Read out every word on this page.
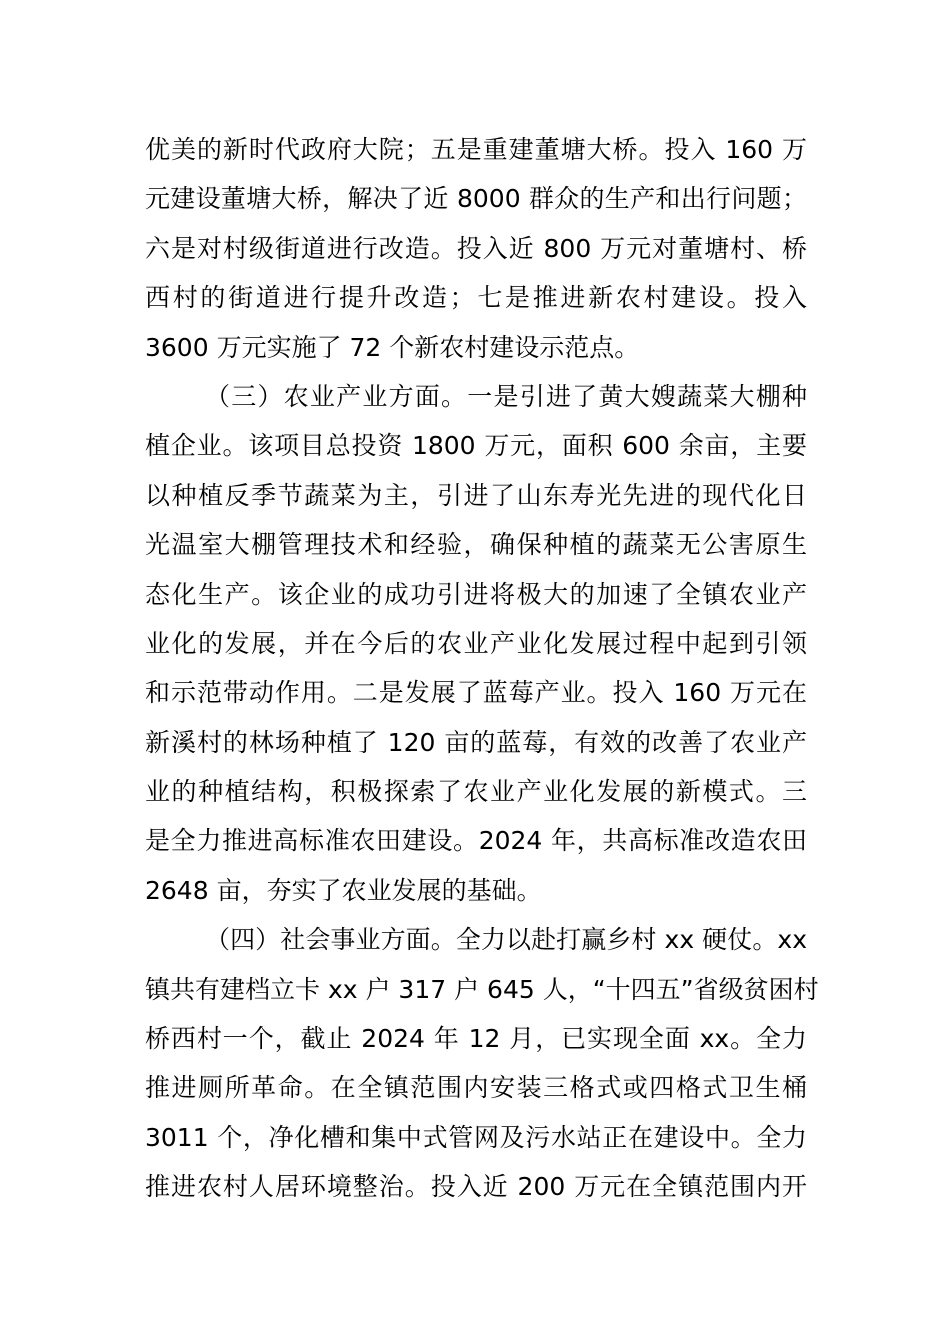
优美的新时代政府大院；五是重建董塘大桥。投入 160 万
元建设董塘大桥，解决了近 8000 群众的生产和出行问题；
六是对村级街道进行改造。投入近 800 万元对董塘村、桥
西村的街道进行提升改造；七是推进新农村建设。投入
3600 万元实施了 72 个新农村建设示范点。
（三）农业产业方面。一是引进了黄大嫂蔬菜大棚种
植企业。该项目总投资 1800 万元，面积 600 余亩，主要
以种植反季节蔬菜为主，引进了山东寿光先进的现代化日
光温室大棚管理技术和经验，确保种植的蔬菜无公害原生
态化生产。该企业的成功引进将极大的加速了全镇农业产
业化的发展，并在今后的农业产业化发展过程中起到引领
和示范带动作用。二是发展了蓝莓产业。投入 160 万元在
新溪村的林场种植了 120 亩的蓝莓，有效的改善了农业产
业的种植结构，积极探索了农业产业化发展的新模式。三
是全力推进高标准农田建设。2024 年，共高标准改造农田
2648 亩，夯实了农业发展的基础。
（四）社会事业方面。全力以赴打赢乡村 xx 硬仗。xx
镇共有建档立卡 xx 户 317 户 645 人，“十四五”省级贫困村
桥西村一个，截止 2024 年 12 月，已实现全面 xx。全力
推进厕所革命。在全镇范围内安装三格式或四格式卫生桶
3011 个，净化槽和集中式管网及污水站正在建设中。全力
推进农村人居环境整治。投入近 200 万元在全镇范围内开
